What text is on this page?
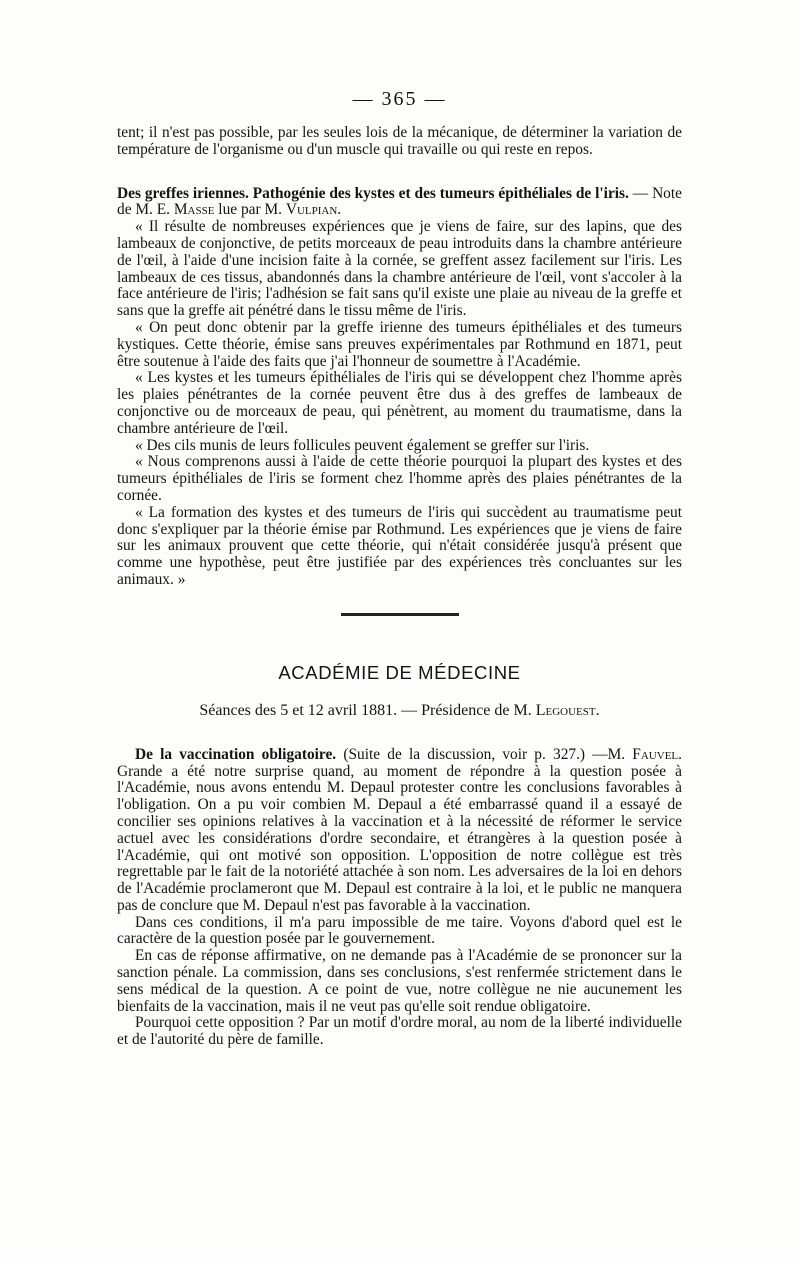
— 365 —

tent; il n'est pas possible, par les seules lois de la mécanique, de déterminer la variation de température de l'organisme ou d'un muscle qui travaille ou qui reste en repos.

Des greffes iriennes. Pathogénie des kystes et des tumeurs épithéliales de l'iris. — Note de M. E. Masse lue par M. Vulpian.

« Il résulte de nombreuses expériences que je viens de faire, sur des lapins, que des lambeaux de conjonctive, de petits morceaux de peau introduits dans la chambre antérieure de l'œil, à l'aide d'une incision faite à la cornée, se greffent assez facilement sur l'iris. Les lambeaux de ces tissus, abandonnés dans la chambre antérieure de l'œil, vont s'accoler à la face antérieure de l'iris; l'adhésion se fait sans qu'il existe une plaie au niveau de la greffe et sans que la greffe ait pénétré dans le tissu même de l'iris.

« On peut donc obtenir par la greffe irienne des tumeurs épithéliales et des tumeurs kystiques. Cette théorie, émise sans preuves expérimentales par Rothmund en 1871, peut être soutenue à l'aide des faits que j'ai l'honneur de soumettre à l'Académie.

« Les kystes et les tumeurs épithéliales de l'iris qui se développent chez l'homme après les plaies pénétrantes de la cornée peuvent être dus à des greffes de lambeaux de conjonctive ou de morceaux de peau, qui pénètrent, au moment du traumatisme, dans la chambre antérieure de l'œil.

« Des cils munis de leurs follicules peuvent également se greffer sur l'iris.

« Nous comprenons aussi à l'aide de cette théorie pourquoi la plupart des kystes et des tumeurs épithéliales de l'iris se forment chez l'homme après des plaies pénétrantes de la cornée.

« La formation des kystes et des tumeurs de l'iris qui succèdent au traumatisme peut donc s'expliquer par la théorie émise par Rothmund. Les expériences que je viens de faire sur les animaux prouvent que cette théorie, qui n'était considérée jusqu'à présent que comme une hypothèse, peut être justifiée par des expériences très concluantes sur les animaux. »

ACADÉMIE DE MÉDECINE
Séances des 5 et 12 avril 1881. — Présidence de M. Legouest.

De la vaccination obligatoire. (Suite de la discussion, voir p. 327.) —M. Fauvel. Grande a été notre surprise quand, au moment de répondre à la question posée à l'Académie, nous avons entendu M. Depaul protester contre les conclusions favorables à l'obligation. On a pu voir combien M. Depaul a été embarrassé quand il a essayé de concilier ses opinions relatives à la vaccination et à la nécessité de réformer le service actuel avec les considérations d'ordre secondaire, et étrangères à la question posée à l'Académie, qui ont motivé son opposition. L'opposition de notre collègue est très regrettable par le fait de la notoriété attachée à son nom. Les adversaires de la loi en dehors de l'Académie proclameront que M. Depaul est contraire à la loi, et le public ne manquera pas de conclure que M. Depaul n'est pas favorable à la vaccination.

Dans ces conditions, il m'a paru impossible de me taire. Voyons d'abord quel est le caractère de la question posée par le gouvernement.

En cas de réponse affirmative, on ne demande pas à l'Académie de se prononcer sur la sanction pénale. La commission, dans ses conclusions, s'est renfermée strictement dans le sens médical de la question. A ce point de vue, notre collègue ne nie aucunement les bienfaits de la vaccination, mais il ne veut pas qu'elle soit rendue obligatoire.

Pourquoi cette opposition ? Par un motif d'ordre moral, au nom de la liberté individuelle et de l'autorité du père de famille.
